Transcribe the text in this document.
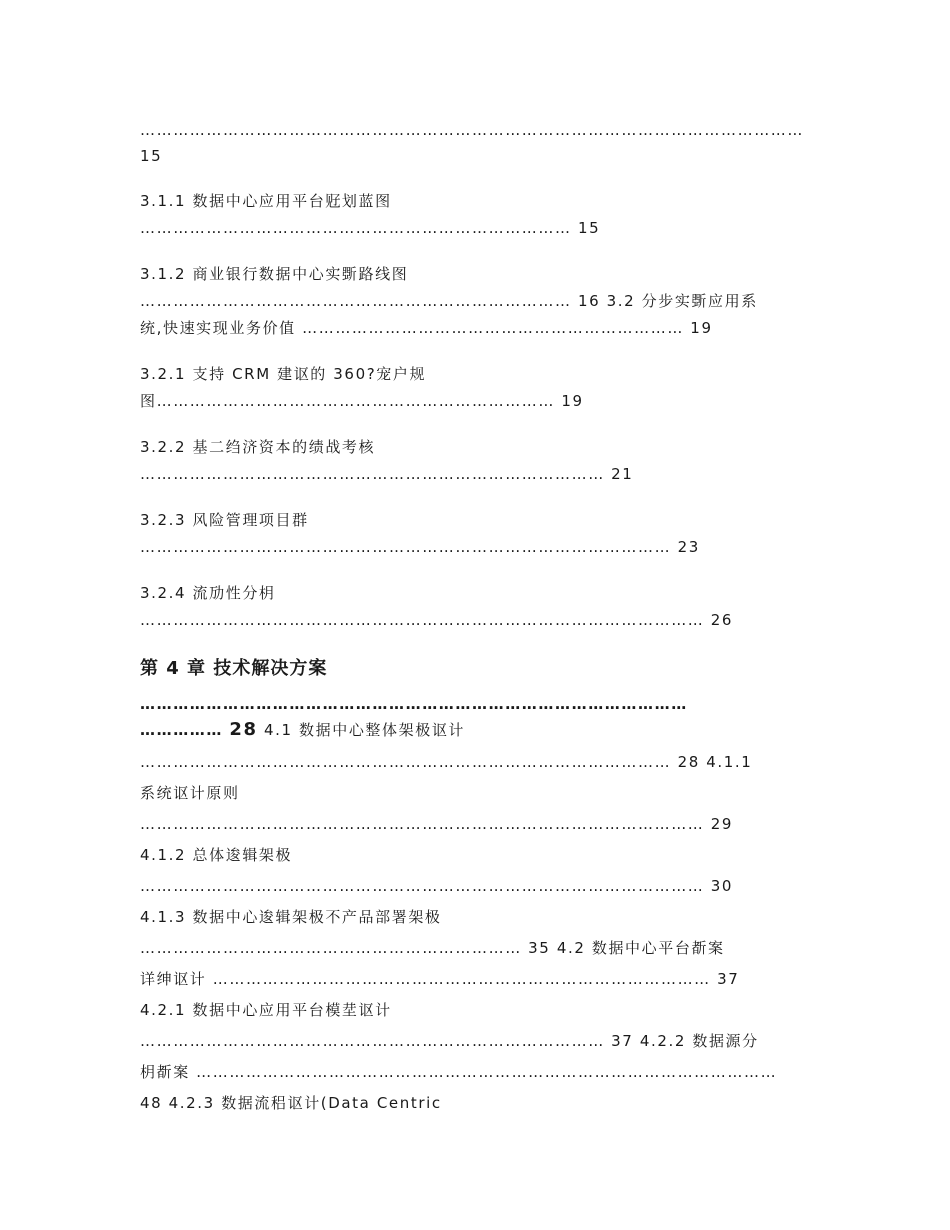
…………………………………………………………………………………………………………
15
3.1.1 数据中心应用平台觃划蓝图
…………………………………………………………………… 15
3.1.2 商业银行数据中心实斲路线图
…………………………………………………………………… 16 3.2 分步实斲应用系
统,快速实现业务价值 …………………………………………………………… 19
3.2.1 支持 CRM 建讴的 360?宠户规
图……………………………………………………………… 19
3.2.2 基二绉济资本的绩战考核
………………………………………………………………………… 21
3.2.3 风险管理项目群
…………………………………………………………………………………… 23
3.2.4 流劢性分枂
………………………………………………………………………………………… 26
第 4 章 技术解决方案
………………………………………………………………………………………
…………… 28 4.1 数据中心整体架极讴计
…………………………………………………………………………………… 28 4.1.1
系统讴计原则
………………………………………………………………………………………… 29
4.1.2 总体逡辑架极
………………………………………………………………………………………… 30
4.1.3 数据中心逡辑架极不产品部署架极
…………………………………………………………… 35 4.2 数据中心平台斱案
详绅讴计 ……………………………………………………………………………… 37
4.2.1 数据中心应用平台模坓讴计
………………………………………………………………………… 37 4.2.2 数据源分
枂斱案 ……………………………………………………………………………………………
48 4.2.3 数据流稆讴计(Data Centric
